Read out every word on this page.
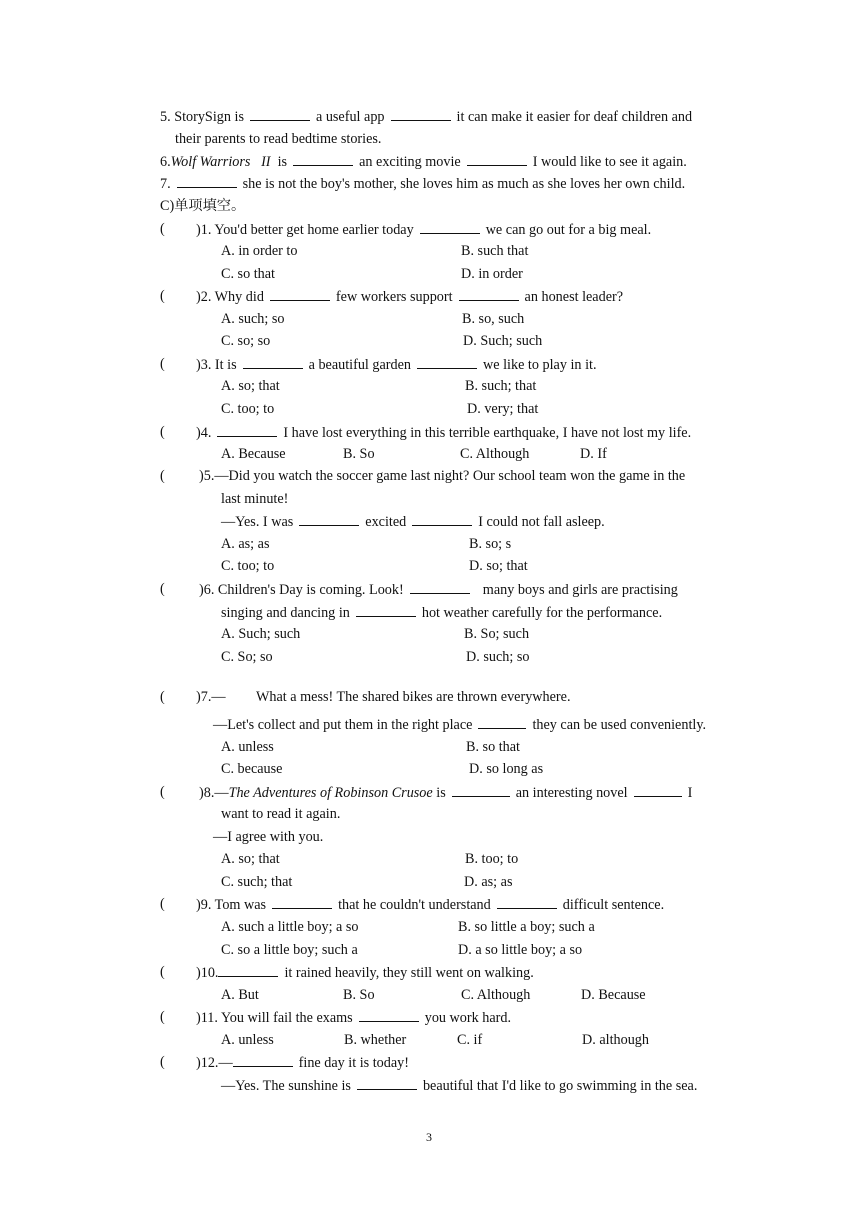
5. StorySign is	a useful app	it can make it easier for deaf children and
their parents to read bedtime stories.
6.Wolf Warriors II is	an exciting movie	I would like to see it again.
7.	she is not the boy's mother, she loves him as much as she loves her own child.
C)单项填空。
( )1. You'd better get home earlier today	we can go out for a big meal.
A. in order to	B. such that
C. so that	D. in order
( )2. Why did	few workers support	an honest leader?
A. such; so	B. so, such
C. so; so	D. Such; such
( )3. It is	a beautiful garden	we like to play in it.
A. so; that	B. such; that
C. too; to	D. very; that
( )4.	I have lost everything in this terrible earthquake, I have not lost my life.
A. Because	B. So	C. Although	D. If
( )5.—Did you watch the soccer game last night? Our school team won the game in the
last minute!
—Yes. I was	excited	I could not fall asleep.
A. as; as	B. so; s
C. too; to	D. so; that
( )6. Children's Day is coming. Look!	many boys and girls are practising
singing and dancing in	hot weather carefully for the performance.
A. Such; such	B. So; such
C. So; so	D. such; so
( )7.— What a mess! The shared bikes are thrown everywhere.
—Let's collect and put them in the right place	they can be used conveniently.
A. unless	B. so that
C. because	D. so long as
( )8.—The Adventures of Robinson Crusoe is	an interesting novel	I
want to read it again.
—I agree with you.
A. so; that	B. too; to
C. such; that	D. as; as
( )9. Tom was	that he couldn't understand	difficult sentence.
A. such a little boy; a so	B. so little a boy; such a
C. so a little boy; such a	D. a so little boy; a so
( )10.	it rained heavily, they still went on walking.
A. But	B. So	C. Although	D. Because
( )11. You will fail the exams	you work hard.
A. unless	B. whether	C. if	D. although
( )12.—	fine day it is today!
—Yes. The sunshine is	beautiful that I'd like to go swimming in the sea.
3
